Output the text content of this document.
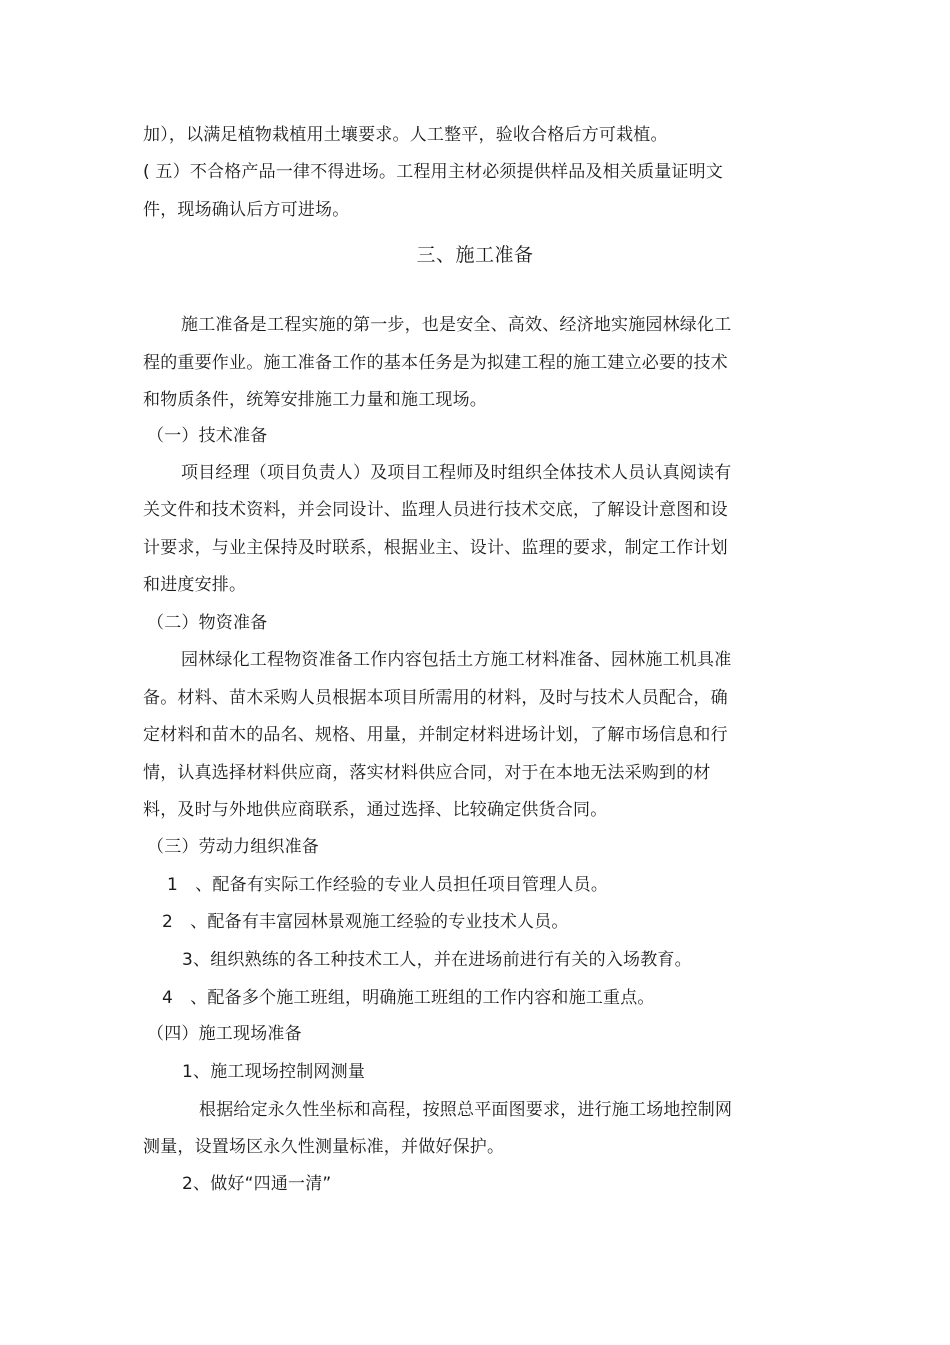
加），以满足植物栽植用土壤要求。人工整平，验收合格后方可栽植。
( 五）不合格产品一律不得进场。工程用主材必须提供样品及相关质量证明文
件，现场确认后方可进场。
三、施工准备
施工准备是工程实施的第一步，也是安全、高效、经济地实施园林绿化工
程的重要作业。施工准备工作的基本任务是为拟建工程的施工建立必要的技术
和物质条件，统筹安排施工力量和施工现场。
（一）技术准备
项目经理（项目负责人）及项目工程师及时组织全体技术人员认真阅读有
关文件和技术资料，并会同设计、监理人员进行技术交底，了解设计意图和设
计要求，与业主保持及时联系，根据业主、设计、监理的要求，制定工作计划
和进度安排。
（二）物资准备
园林绿化工程物资准备工作内容包括土方施工材料准备、园林施工机具准
备。材料、苗木采购人员根据本项目所需用的材料，及时与技术人员配合，确
定材料和苗木的品名、规格、用量，并制定材料进场计划，了解市场信息和行
情，认真选择材料供应商，落实材料供应合同，对于在本地无法采购到的材
料，及时与外地供应商联系，通过选择、比较确定供货合同。
（三）劳动力组织准备
1　、配备有实际工作经验的专业人员担任项目管理人员。
2　、配备有丰富园林景观施工经验的专业技术人员。
3、组织熟练的各工种技术工人，并在进场前进行有关的入场教育。
4　、配备多个施工班组，明确施工班组的工作内容和施工重点。
（四）施工现场准备
1、施工现场控制网测量
根据给定永久性坐标和高程，按照总平面图要求，进行施工场地控制网
测量，设置场区永久性测量标准，并做好保护。
2、做好“四通一清”
